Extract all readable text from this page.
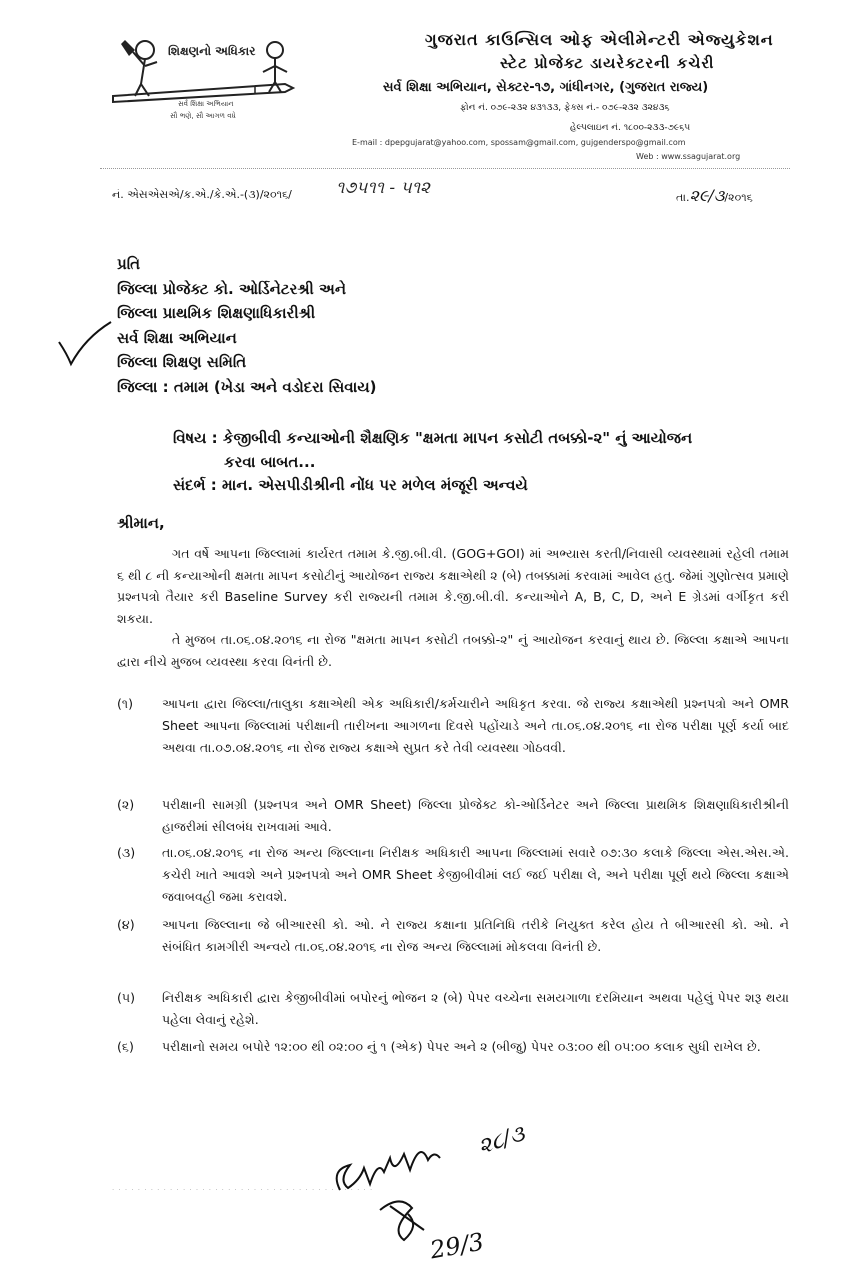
શિક્ષણનો અધિકાર
સર્વ શિક્ષા અભિયાન
સૌ ભણે, સૌ આગળ વધે
ગુજરાત કાઉન્સિલ ઓફ એલીમેન્ટરી એજ્યુકેશન
સ્ટેટ પ્રોજેક્ટ ડાયરેક્ટરની કચેરી
સર્વ શિક્ષા અભિયાન, સેક્ટર-૧૭, ગાંધીનગર, (ગુજરાત રાજ્ય)
ફોન નં. ૦૭૯-૨૩૨ ૪૩૧૩૩, ફેક્સ નં.- ૦૭૯-૨૩૨ ૩૨૪૩૬
હેલ્પલાઇન નં. ૧૮૦૦-૨૩૩-૭૯૬૫
E-mail : dpepgujarat@yahoo.com, spossam@gmail.com, gujgenderspo@gmail.com
Web : www.ssagujarat.org
નં. એસએસએ/ક.એ./કે.એ.-(૩)/૨૦૧૬/	૧૭૫૧૧ - ૫૧૨	તા.૨૯/૩/૨૦૧૬
પ્રતિ
જિલ્લા પ્રોજેક્ટ કો. ઓર્ડિનેટરશ્રી અને
જિલ્લા પ્રાથમિક શિક્ષણાધિકારીશ્રી
સર્વ શિક્ષા અભિયાન
જિલ્લા શિક્ષણ સમિતિ
જિલ્લા : તમામ (ખેડા અને વડોદરા સિવાય)
વિષય : કેજીબીવી કન્યાઓની શૈક્ષણિક "ક્ષમતા માપન કસોટી તબક્કો-૨" નું આયોજન
કરવા બાબત...
સંદર્ભ : માન. એસપીડીશ્રીની નોંધ પર મળેલ મંજૂરી અન્વયે
શ્રીમાન,
ગત વર્ષે આપના જિલ્લામાં કાર્યરત તમામ કે.જી.બી.વી. (GOG+GOI) માં અભ્યાસ કરતી/નિવાસી વ્યવસ્થામાં રહેલી તમામ ૬ થી ૮ ની કન્યાઓની ક્ષમતા માપન કસોટીનું આયોજન રાજ્ય કક્ષાએથી ૨ (બે) તબક્કામાં કરવામાં આવેલ હતુ. જેમાં ગુણોત્સવ પ્રમાણે પ્રશ્નપત્રો તૈયાર કરી Baseline Survey કરી રાજ્યની તમામ કે.જી.બી.વી. કન્યાઓને A, B, C, D, અને E ગ્રેડમાં વર્ગીકૃત કરી શકયા.
તે મુજબ તા.૦૬.૦૪.૨૦૧૬ ના રોજ "ક્ષમતા માપન કસોટી તબક્કો-૨" નું આયોજન કરવાનું થાય છે. જિલ્લા કક્ષાએ આપના દ્વારા નીચે મુજબ વ્યવસ્થા કરવા વિનંતી છે.
(૧)	આપના દ્વારા જિલ્લા/તાલુકા કક્ષાએથી એક અધિકારી/કર્મચારીને અધિકૃત કરવા. જે રાજ્ય કક્ષાએથી પ્રશ્નપત્રો અને OMR Sheet આપના જિલ્લામાં પરીક્ષાની તારીખના આગળના દિવસે પહોંચાડે અને તા.૦૬.૦૪.૨૦૧૬ ના રોજ પરીક્ષા પૂર્ણ કર્યા બાદ અથવા તા.૦૭.૦૪.૨૦૧૬ ના રોજ રાજ્ય કક્ષાએ સુપ્રત કરે તેવી વ્યવસ્થા ગોઠવવી.
(૨)	પરીક્ષાની સામગ્રી (પ્રશ્નપત્ર અને OMR Sheet) જિલ્લા પ્રોજેક્ટ કો-ઓર્ડિનેટર અને જિલ્લા પ્રાથમિક શિક્ષણાધિકારીશ્રીની હાજરીમાં સીલબંધ રાખવામાં આવે.
(૩)	તા.૦૬.૦૪.૨૦૧૬ ના રોજ અન્ય જિલ્લાના નિરીક્ષક અધિકારી આપના જિલ્લામાં સવારે ૦૭:૩૦ કલાકે જિલ્લા એસ.એસ.એ. કચેરી ખાતે આવશે અને પ્રશ્નપત્રો અને OMR Sheet કેજીબીવીમાં લઈ જઈ પરીક્ષા લે, અને પરીક્ષા પૂર્ણ થયે જિલ્લા કક્ષાએ જવાબવહી જમા કરાવશે.
(૪)	આપના જિલ્લાના જે બીઆરસી કો. ઓ. ને રાજ્ય કક્ષાના પ્રતિનિધિ તરીકે નિયુક્ત કરેલ હોય તે બીઆરસી કો. ઓ. ને સંબંધિત કામગીરી અન્વયે તા.૦૬.૦૪.૨૦૧૬ ના રોજ અન્ય જિલ્લામાં મોકલવા વિનંતી છે.
(૫)	નિરીક્ષક અધિકારી દ્વારા કેજીબીવીમાં બપોરનું ભોજન ૨ (બે) પેપર વચ્ચેના સમયગાળા દરમિયાન અથવા પહેલું પેપર શરૂ થયા પહેલા લેવાનું રહેશે.
(૬)	પરીક્ષાનો સમય બપોરે ૧૨:૦૦ થી ૦૨:૦૦ નું ૧ (એક) પેપર અને ૨ (બીજુ) પેપર ૦૩:૦૦ થી ૦૫:૦૦ કલાક સુધી રાખેલ છે.
· · · · · · · · · · · · · · · · · · · · · · · · · · · · · · · · · · · · · · · · ·
૨૮/૩
29/3
